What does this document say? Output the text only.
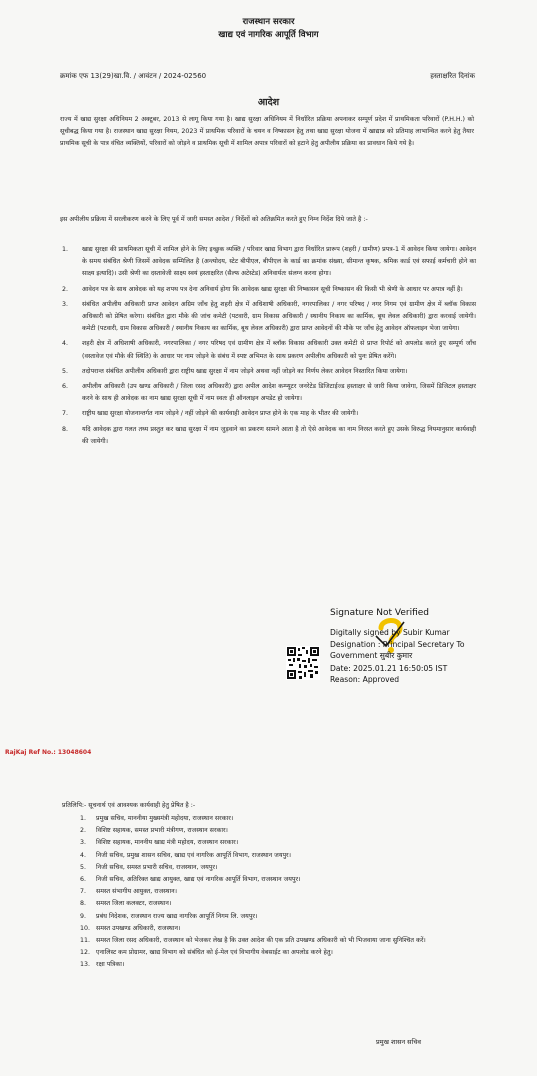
राजस्थान सरकार
खाद्य एवं नागरिक आपूर्ति विभाग
क्रमांक एफ 13(29)खा.वि. / आवंटन / 2024-02560	हस्ताक्षरित दिनांक
आदेश
राज्य में खाद्य सुरक्षा अधिनियम 2 अक्टूबर, 2013 से लागू किया गया है। खाद्य सुरक्षा अधिनियम में निर्धारित प्रक्रिया अपनाकर सम्पूर्ण प्रदेश में प्राथमिकता परिवारों (P.H.H.) को सूचीबद्ध किया गया है। राजस्थान खाद्य सुरक्षा नियम, 2023 में प्राथमिक परिवारों के चयन व निष्कासन हेतु तथा खाद्य सुरक्षा योजना में खाद्यान्न को प्रतिमाह लाभान्वित करने हेतु तैयार प्राथमिक सूची के पात्र वंचित व्यक्तियों, परिवारों को जोड़ने व प्राथमिक सूची में शामिल अपात्र परिवारों को हटाने हेतु अपीलीय प्रक्रिया का प्रावधान किये गये है।
इस अपीलीय प्रक्रिया में सरलीकरण करने के लिए पूर्व में जारी समस्त आदेश / निर्देशों को अतिक्रमित करते हुए निम्न निर्देश दिये जाते है :-
1.	खाद्य सुरक्षा की प्राथमिकता सूची में शामिल होने के लिए इच्छुक व्यक्ति / परिवार खाद्य विभाग द्वारा निर्धारित प्रारूप (शहरी / ग्रामीण) प्रपत्र-1 में आवेदन किया जायेगा। आवेदन के समय संबंधित श्रेणी जिसमें आवेदक सम्मिलित है (अन्त्योदय, स्टेट बीपीएल, बीपीएल के कार्ड का क्रमांक संख्या, सीमान्त कृषक, श्रमिक कार्ड एवं सफाई कर्मचारी होने का साक्ष्य इत्यादि)। उसी श्रेणी का दस्तावेजी साक्ष्य स्वयं हस्ताक्षरित (सैल्फ अटेस्टेड) अनिवार्यतः संलग्न करना होगा।
2.	आवेदन पत्र के साथ आवेदक को यह शपथ पत्र देना अनिवार्य होगा कि आवेदक खाद्य सुरक्षा की निष्कासन सूची निष्कासन की किसी भी श्रेणी के आधार पर अपात्र नहीं है।
3.	संबंधित अपीलीय अधिकारी प्राप्त आवेदन अग्रिम जाँच हेतु शहरी क्षेत्र में अधिशाषी अधिकारी, नगरपालिका / नगर परिषद / नगर निगम एवं ग्रामीण क्षेत्र में ब्लॉक विकास अधिकारी को प्रेषित करेगा। संबंधित द्वारा मौके की जांच कमेटी (पटवारी, ग्राम विकास अधिकारी / स्थानीय निकाय का कार्मिक, बूथ लेवल अधिकारी) द्वारा करवाई जायेगी। कमेटी (पटवारी, ग्राम विकास अधिकारी / स्थानीय निकाय का कार्मिक, बूथ लेवल अधिकारी) द्वारा प्राप्त आवेदनों की मौके पर जाँच हेतु आवेदन ऑफलाइन भेजा जायेगा।
4.	शहरी क्षेत्र में अधिशाषी अधिकारी, नगरपालिका / नगर परिषद एवं ग्रामीण क्षेत्र में ब्लॉक विकास अधिकारी उक्त कमेटी से प्राप्त रिपोर्ट को अपलोड करते हुए सम्पूर्ण जाँच (वस्तावेज एवं मौके की स्थिति) के आधार पर नाम जोड़ने के संबंध में स्पष्ट अभिमत के साथ प्रकरण अपीलीय अधिकारी को पुनः प्रेषित करेंगे।
5.	तदोपरान्त संबंधित अपीलीय अधिकारी द्वारा राष्ट्रीय खाद्य सुरक्षा में नाम जोड़ने अथवा नहीं जोड़ने का निर्णय लेकर आवेदन निस्तारित किया जायेगा।
6.	अपीलीय अधिकारी (उप खण्ड अधिकारी / जिला रसद अधिकारी) द्वारा अपील आदेश कम्प्यूटर जनरेटेड डिजिटाईज्ड हस्ताक्षर से जारी किया जावेगा, जिसमें डिजिटल हस्ताक्षर करने के साथ ही आवेदक का नाम खाद्य सुरक्षा सूची में नाम स्वतः ही ऑनलाइन अपडेट हो जायेगा।
7.	राष्ट्रीय खाद्य सुरक्षा योजनान्तर्गत नाम जोड़ने / नहीं जोड़ने की कार्यवाही आवेदन प्राप्त होने के एक माह के भीतर की जायेगी।
8.	यदि आवेदक द्वारा गलत तथ्य प्रस्तुत कर खाद्य सुरक्षा में नाम जुड़वाने का प्रकरण सामने आता है तो ऐसे आवेदक का नाम निरस्त करते हुए उसके विरुद्ध नियमानुसार कार्यवाही की जायेगी।
Signature Not Verified
Digitally signed by Subir Kumar
Designation : Principal Secretary To Government सुबीर कुमार
Date: 2025.01.21 16:50:05 IST
Reason: Approved
RajKaj Ref No.: 13048604
प्रतिलिपि:- सूचनार्थ एवं आवश्यक कार्यवाही हेतु प्रेषित है :-
1.	प्रमुख सचिव, माननीया मुख्यमंत्री महोदया, राजस्थान सरकार।
2.	विशिष्ट सहायक, समस्त प्रभारी मंत्रीगण, राजस्थान सरकार।
3.	विशिष्ट सहायक, माननीय खाद्य मंत्री महोदय, राजस्थान सरकार।
4.	निजी सचिव, प्रमुख शासन सचिव, खाद्य एवं नागरिक आपूर्ति विभाग, राजस्थान जयपुर।
5.	निजी सचिव, समस्त प्रभारी सचिव, राजस्थान, जयपुर।
6.	निजी सचिव, अतिरिक्त खाद्य आयुक्त, खाद्य एवं नागरिक आपूर्ति विभाग, राजस्थान जयपुर।
7.	समस्त संभागीय आयुक्त, राजस्थान।
8.	समस्त जिला कलक्टर, राजस्थान।
9.	प्रबंध निदेशक, राजस्थान राज्य खाद्य नागरिक आपूर्ति निगम लि. जयपुर।
10. समस्त उपखण्ड अधिकारी, राजस्थान।
11. समस्त जिला रसद अधिकारी, राजस्थान को भेजकर लेख है कि उक्त आदेश की एक प्रति उपखण्ड अधिकारी को भी भिजवाया जाना सुनिश्चित करें।
12. एनालिस्ट कम प्रोग्रामर, खाद्य विभाग को संबंधित को ई-मेल एवं विभागीय वेबसाईट का अपलोड करने हेतु।
13. रक्षा पत्रिका।
प्रमुख शासन सचिव
